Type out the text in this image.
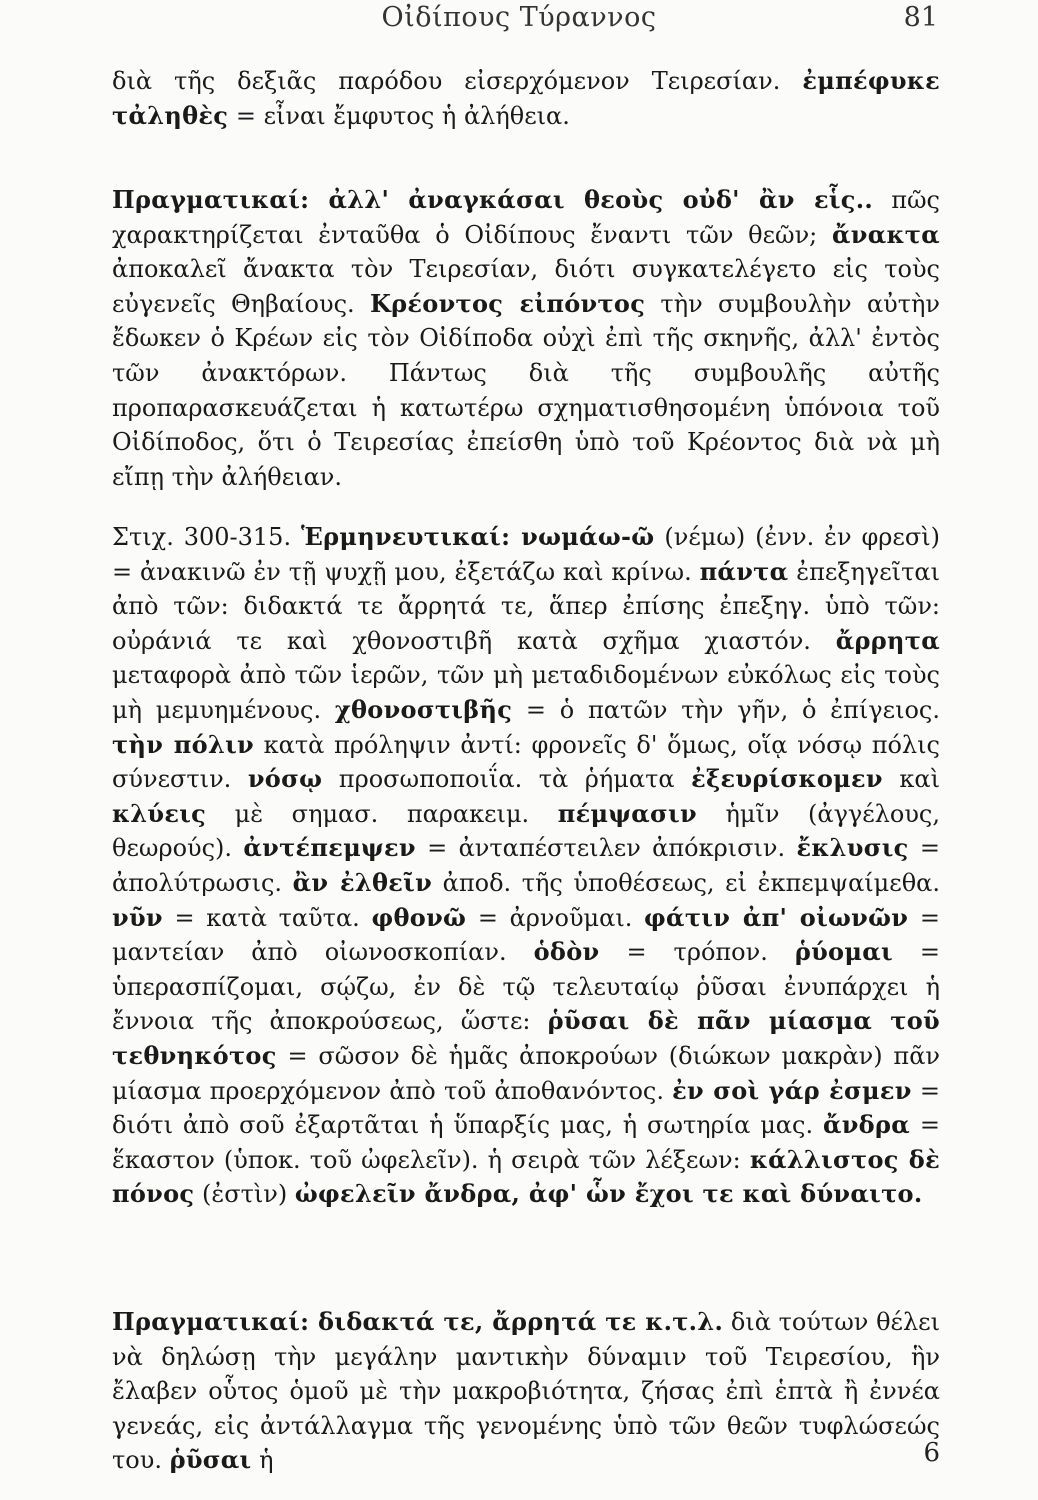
Οἰδίπους Τύραννος	81
διὰ τῆς δεξιᾶς παρόδου εἰσερχόμενον Τειρεσίαν. ἐμπέφυκε τἀληθὲς = εἶναι ἔμφυτος ἡ ἀλήθεια.
Πραγματικαί: ἀλλ' ἀναγκάσαι θεοὺς οὐδ' ἂν εἷς.. πῶς χαρακτηρίζεται ἐνταῦθα ὁ Οἰδίπους ἔναντι τῶν θεῶν; ἄνακτα ἀποκαλεῖ ἄνακτα τὸν Τειρεσίαν, διότι συγκατελέγετο εἰς τοὺς εὐγενεῖς Θηβαίους. Κρέοντος εἰπόντος τὴν συμβουλὴν αὐτὴν ἔδωκεν ὁ Κρέων εἰς τὸν Οἰδίποδα οὐχὶ ἐπὶ τῆς σκηνῆς, ἀλλ' ἐντὸς τῶν ἀνακτόρων. Πάντως διὰ τῆς συμβουλῆς αὐτῆς προπαρασκευάζεται ἡ κατωτέρω σχηματισθησομένη ὑπόνοια τοῦ Οἰδίποδος, ὅτι ὁ Τειρεσίας ἐπείσθη ὑπὸ τοῦ Κρέοντος διὰ νὰ μὴ εἴπῃ τὴν ἀλήθειαν.
Στιχ. 300-315. Ἑρμηνευτικαί: νωμάω-ῶ (νέμω) (ἐνν. ἐν φρεσὶ) = ἀνακινῶ ἐν τῇ ψυχῇ μου, ἐξετάζω καὶ κρίνω. πάντα ἐπεξηγεῖται ἀπὸ τῶν: διδακτά τε ἄρρητά τε, ἅπερ ἐπίσης ἐπεξηγ. ὑπὸ τῶν: οὐράνιά τε καὶ χθονοστιβῆ κατὰ σχῆμα χιαστόν. ἄρρητα μεταφορὰ ἀπὸ τῶν ἱερῶν, τῶν μὴ μεταδιδομένων εὐκόλως εἰς τοὺς μὴ μεμυημένους. χθονοστιβῆς = ὁ πατῶν τὴν γῆν, ὁ ἐπίγειος. τὴν πόλιν κατὰ πρόληψιν ἀντί: φρονεῖς δ' ὅμως, οἵᾳ νόσῳ πόλις σύνεστιν. νόσῳ προσωποποιΐα. τὰ ῥήματα ἐξευρίσκομεν καὶ κλύεις μὲ σημασ. παρακειμ. πέμψασιν ἡμῖν (ἀγγέλους, θεωρούς). ἀντέπεμψεν = ἀνταπέστειλεν ἀπόκρισιν. ἔκλυσις = ἀπολύτρωσις. ἂν ἐλθεῖν ἀποδ. τῆς ὑποθέσεως, εἰ ἐκπεμψαίμεθα. νῦν = κατὰ ταῦτα. φθονῶ = ἀρνοῦμαι. φάτιν ἀπ' οἰωνῶν = μαντείαν ἀπὸ οἰωνοσκοπίαν. ὁδὸν = τρόπον. ῥύομαι = ὑπερασπίζομαι, σῴζω, ἐν δὲ τῷ τελευταίῳ ῥῦσαι ἐνυπάρχει ἡ ἔννοια τῆς ἀποκρούσεως, ὥστε: ῥῦσαι δὲ πᾶν μίασμα τοῦ τεθνηκότος = σῶσον δὲ ἡμᾶς ἀποκρούων (διώκων μακρὰν) πᾶν μίασμα προερχόμενον ἀπὸ τοῦ ἀποθανόντος. ἐν σοὶ γάρ ἐσμεν = διότι ἀπὸ σοῦ ἐξαρτᾶται ἡ ὕπαρξίς μας, ἡ σωτηρία μας. ἄνδρα = ἕκαστον (ὑποκ. τοῦ ὠφελεῖν). ἡ σειρὰ τῶν λέξεων: κάλλιστος δὲ πόνος (ἐστὶν) ὠφελεῖν ἄνδρα, ἀφ' ὧν ἔχοι τε καὶ δύναιτο.
Πραγματικαί: διδακτά τε, ἄρρητά τε κ.τ.λ. διὰ τούτων θέλει νὰ δηλώσῃ τὴν μεγάλην μαντικὴν δύναμιν τοῦ Τειρεσίου, ἣν ἔλαβεν οὗτος ὁμοῦ μὲ τὴν μακροβιότητα, ζήσας ἐπὶ ἑπτὰ ἢ ἐννέα γενεάς, εἰς ἀντάλλαγμα τῆς γενομένης ὑπὸ τῶν θεῶν τυφλώσεώς του. ῥῦσαι ἡ	6
